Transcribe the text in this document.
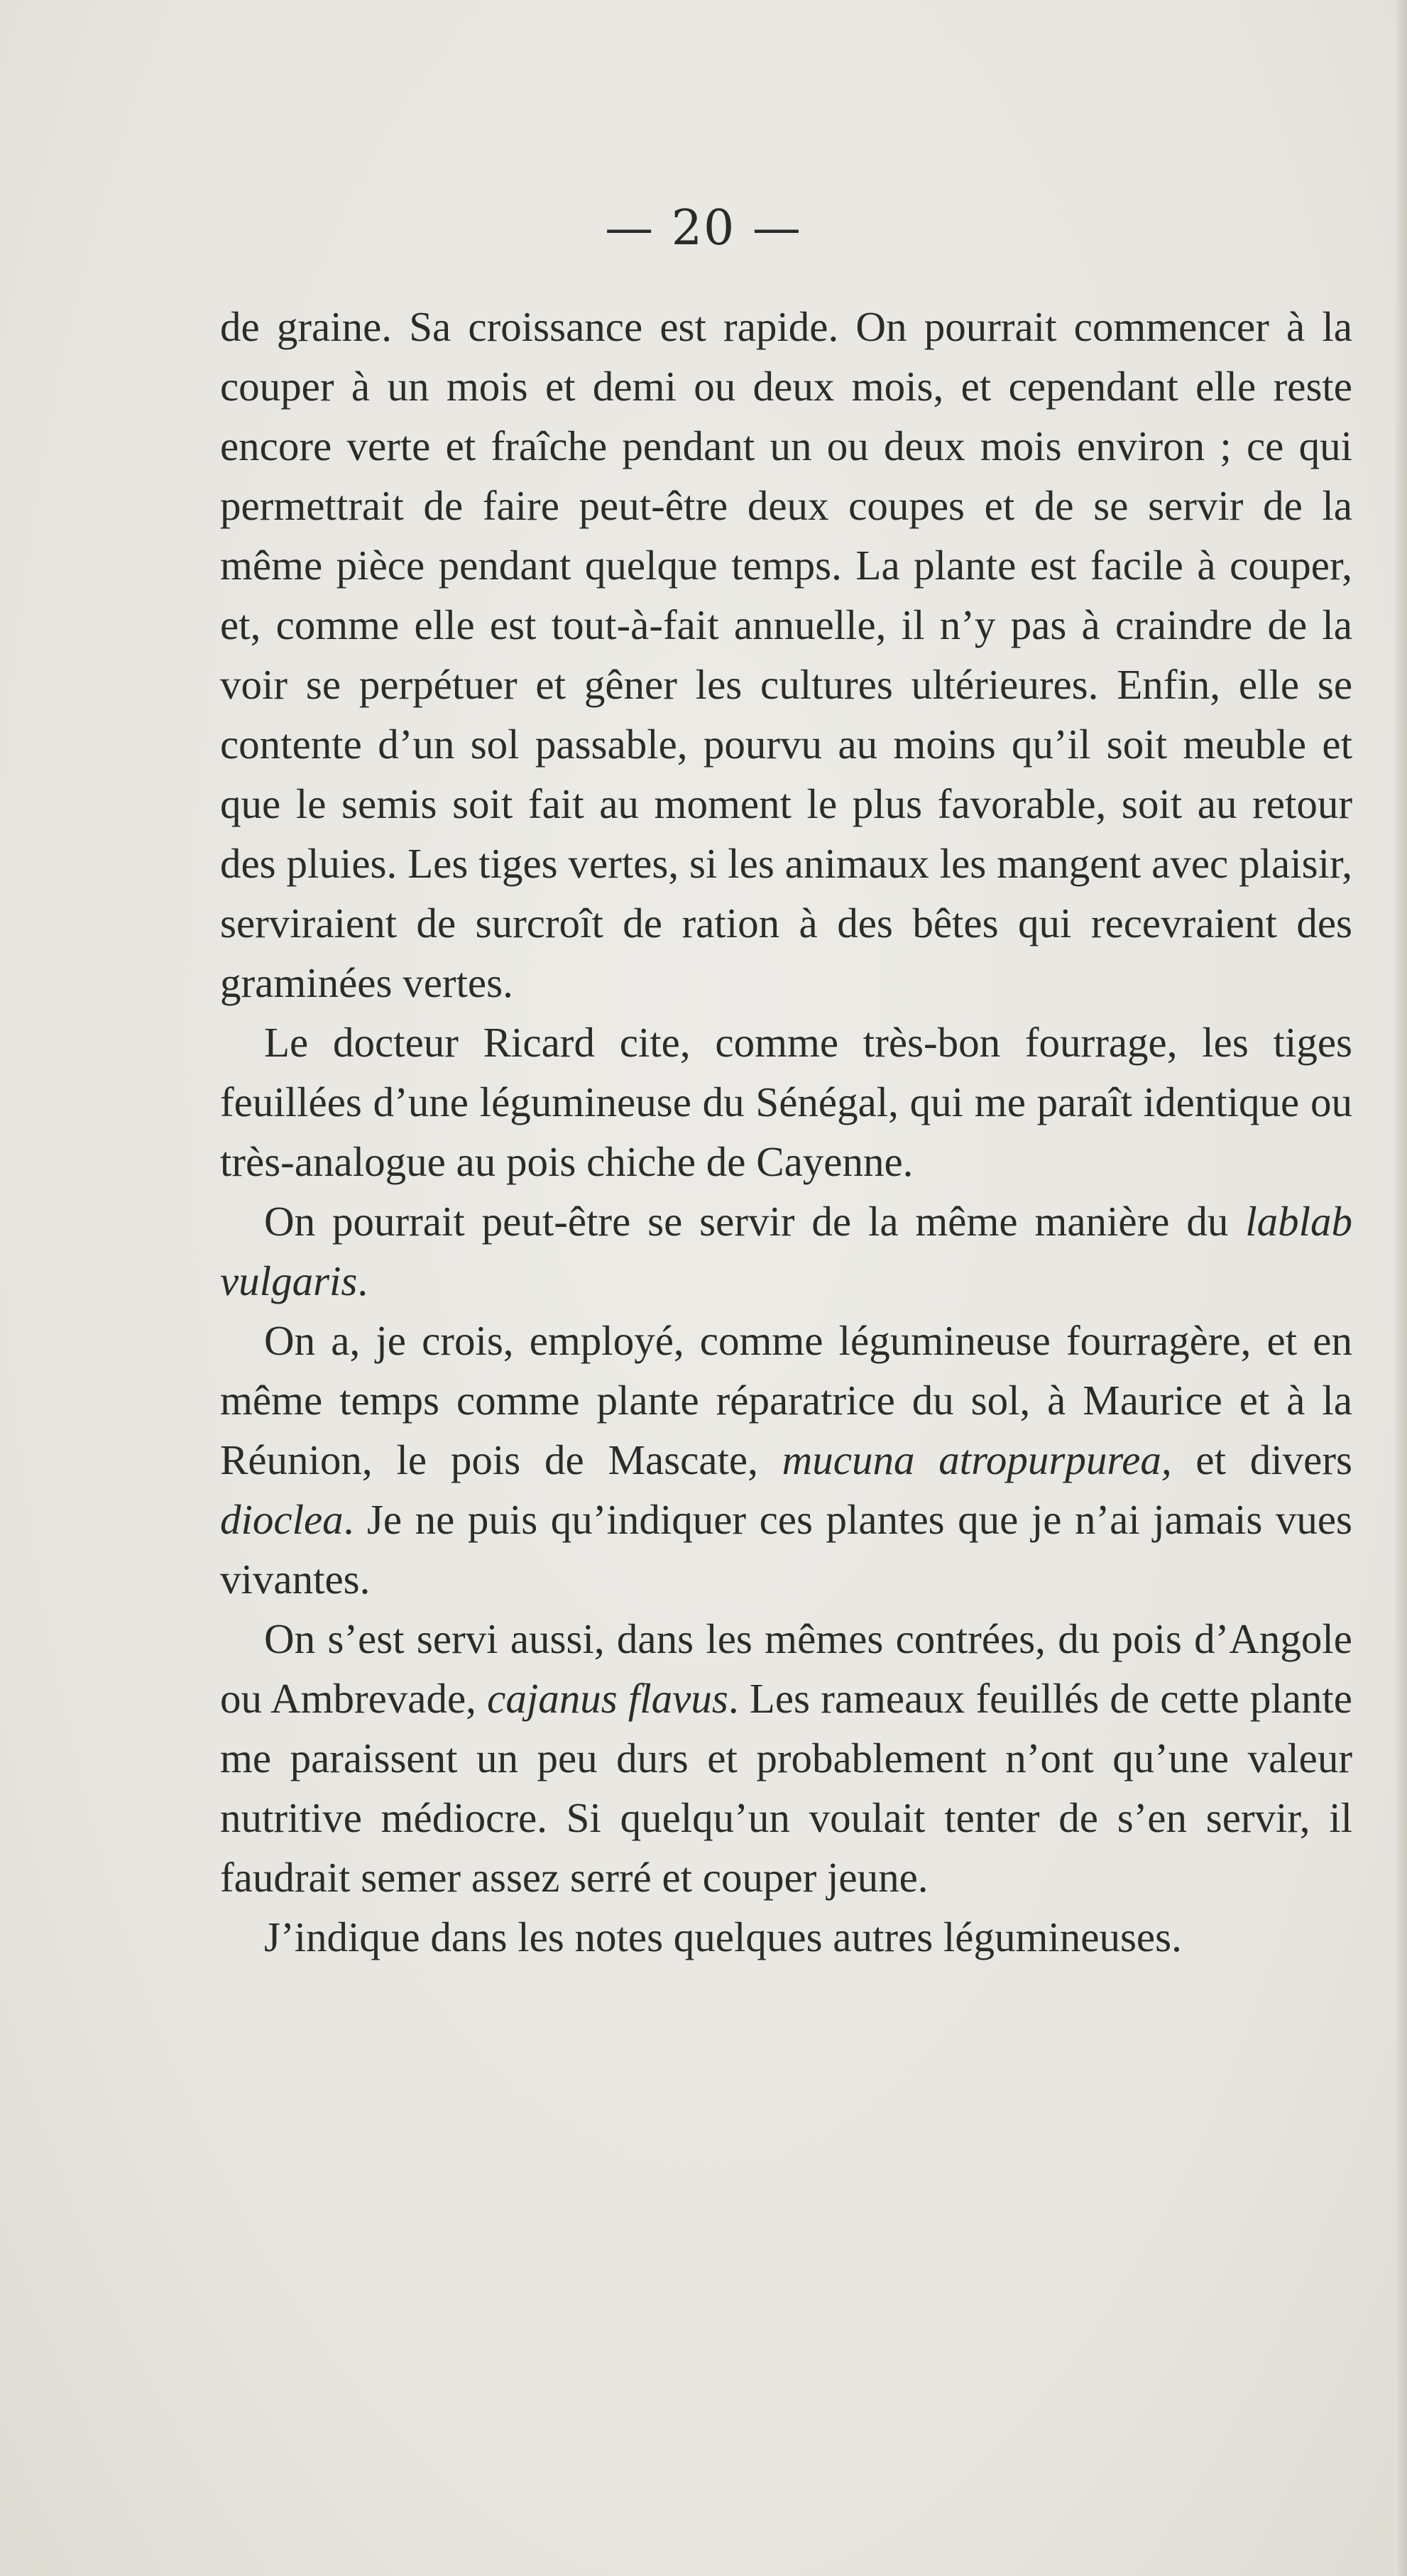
— 20 —

de graine. Sa croissance est rapide. On pourrait commencer à la couper à un mois et demi ou deux mois, et cependant elle reste encore verte et fraîche pendant un ou deux mois environ ; ce qui permettrait de faire peut-être deux coupes et de se servir de la même pièce pendant quelque temps. La plante est facile à couper, et, comme elle est tout-à-fait annuelle, il n’y pas à craindre de la voir se perpétuer et gêner les cultures ultérieures. Enfin, elle se contente d’un sol passable, pourvu au moins qu’il soit meuble et que le semis soit fait au moment le plus favorable, soit au retour des pluies. Les tiges vertes, si les animaux les mangent avec plaisir, serviraient de surcroît de ration à des bêtes qui recevraient des graminées vertes.

Le docteur Ricard cite, comme très-bon fourrage, les tiges feuillées d’une légumineuse du Sénégal, qui me paraît identique ou très-analogue au pois chiche de Cayenne.

On pourrait peut-être se servir de la même manière du lablab vulgaris.

On a, je crois, employé, comme légumineuse fourragère, et en même temps comme plante réparatrice du sol, à Maurice et à la Réunion, le pois de Mascate, mucuna atropurpurea, et divers dioclea. Je ne puis qu’indiquer ces plantes que je n’ai jamais vues vivantes.

On s’est servi aussi, dans les mêmes contrées, du pois d’Angole ou Ambrevade, cajanus flavus. Les rameaux feuillés de cette plante me paraissent un peu durs et probablement n’ont qu’une valeur nutritive médiocre. Si quelqu’un voulait tenter de s’en servir, il faudrait semer assez serré et couper jeune.

J’indique dans les notes quelques autres légumineuses.
